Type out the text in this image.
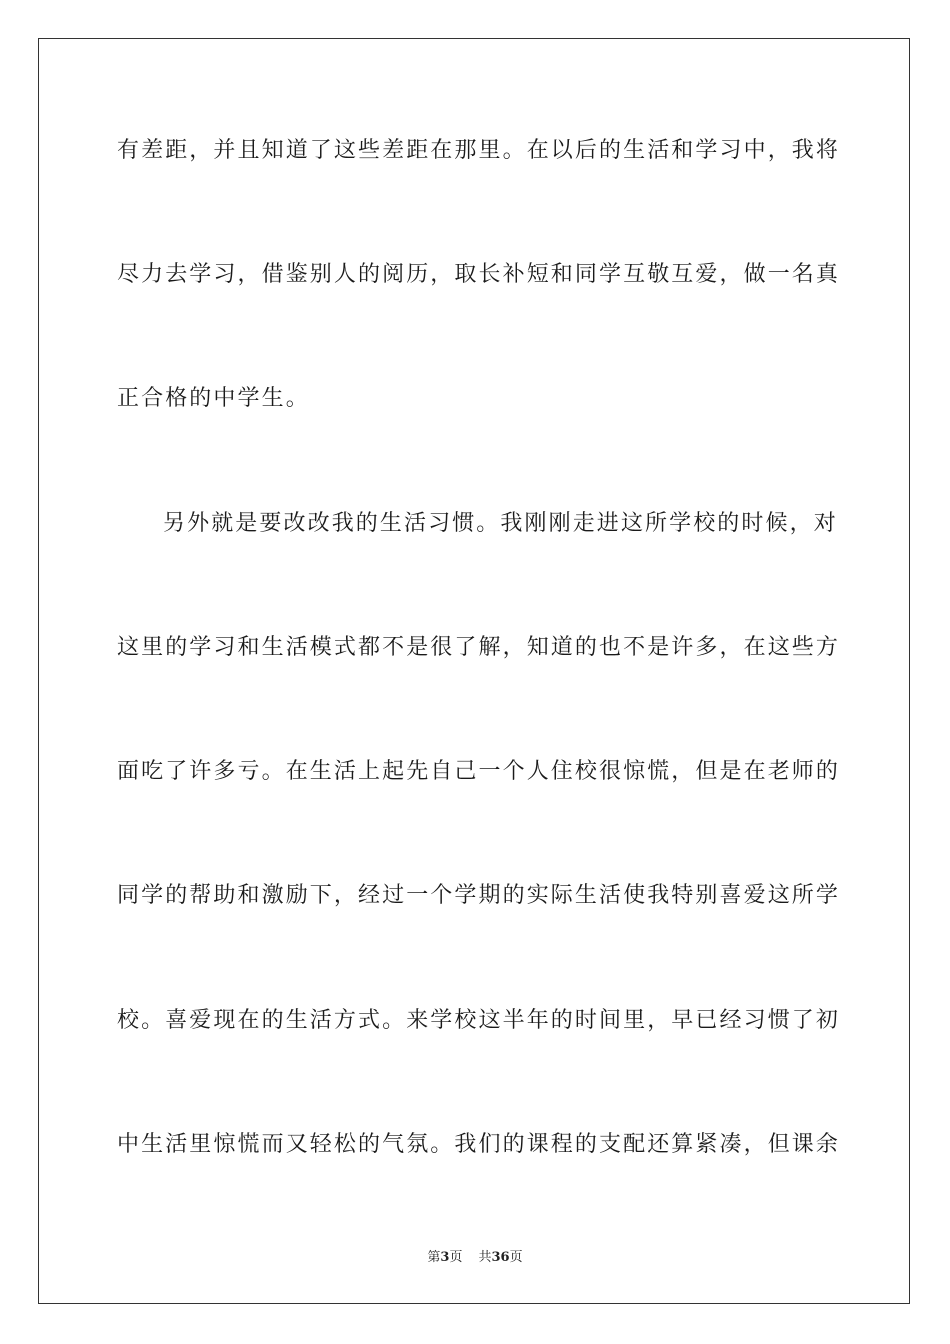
有差距，并且知道了这些差距在那里。在以后的生活和学习中，我将
尽力去学习，借鉴别人的阅历，取长补短和同学互敬互爱，做一名真
正合格的中学生。
另外就是要改改我的生活习惯。我刚刚走进这所学校的时候，对
这里的学习和生活模式都不是很了解，知道的也不是许多，在这些方
面吃了许多亏。在生活上起先自己一个人住校很惊慌，但是在老师的
同学的帮助和激励下，经过一个学期的实际生活使我特别喜爱这所学
校。喜爱现在的生活方式。来学校这半年的时间里，早已经习惯了初
中生活里惊慌而又轻松的气氛。我们的课程的支配还算紧凑，但课余
第3页 共36页
